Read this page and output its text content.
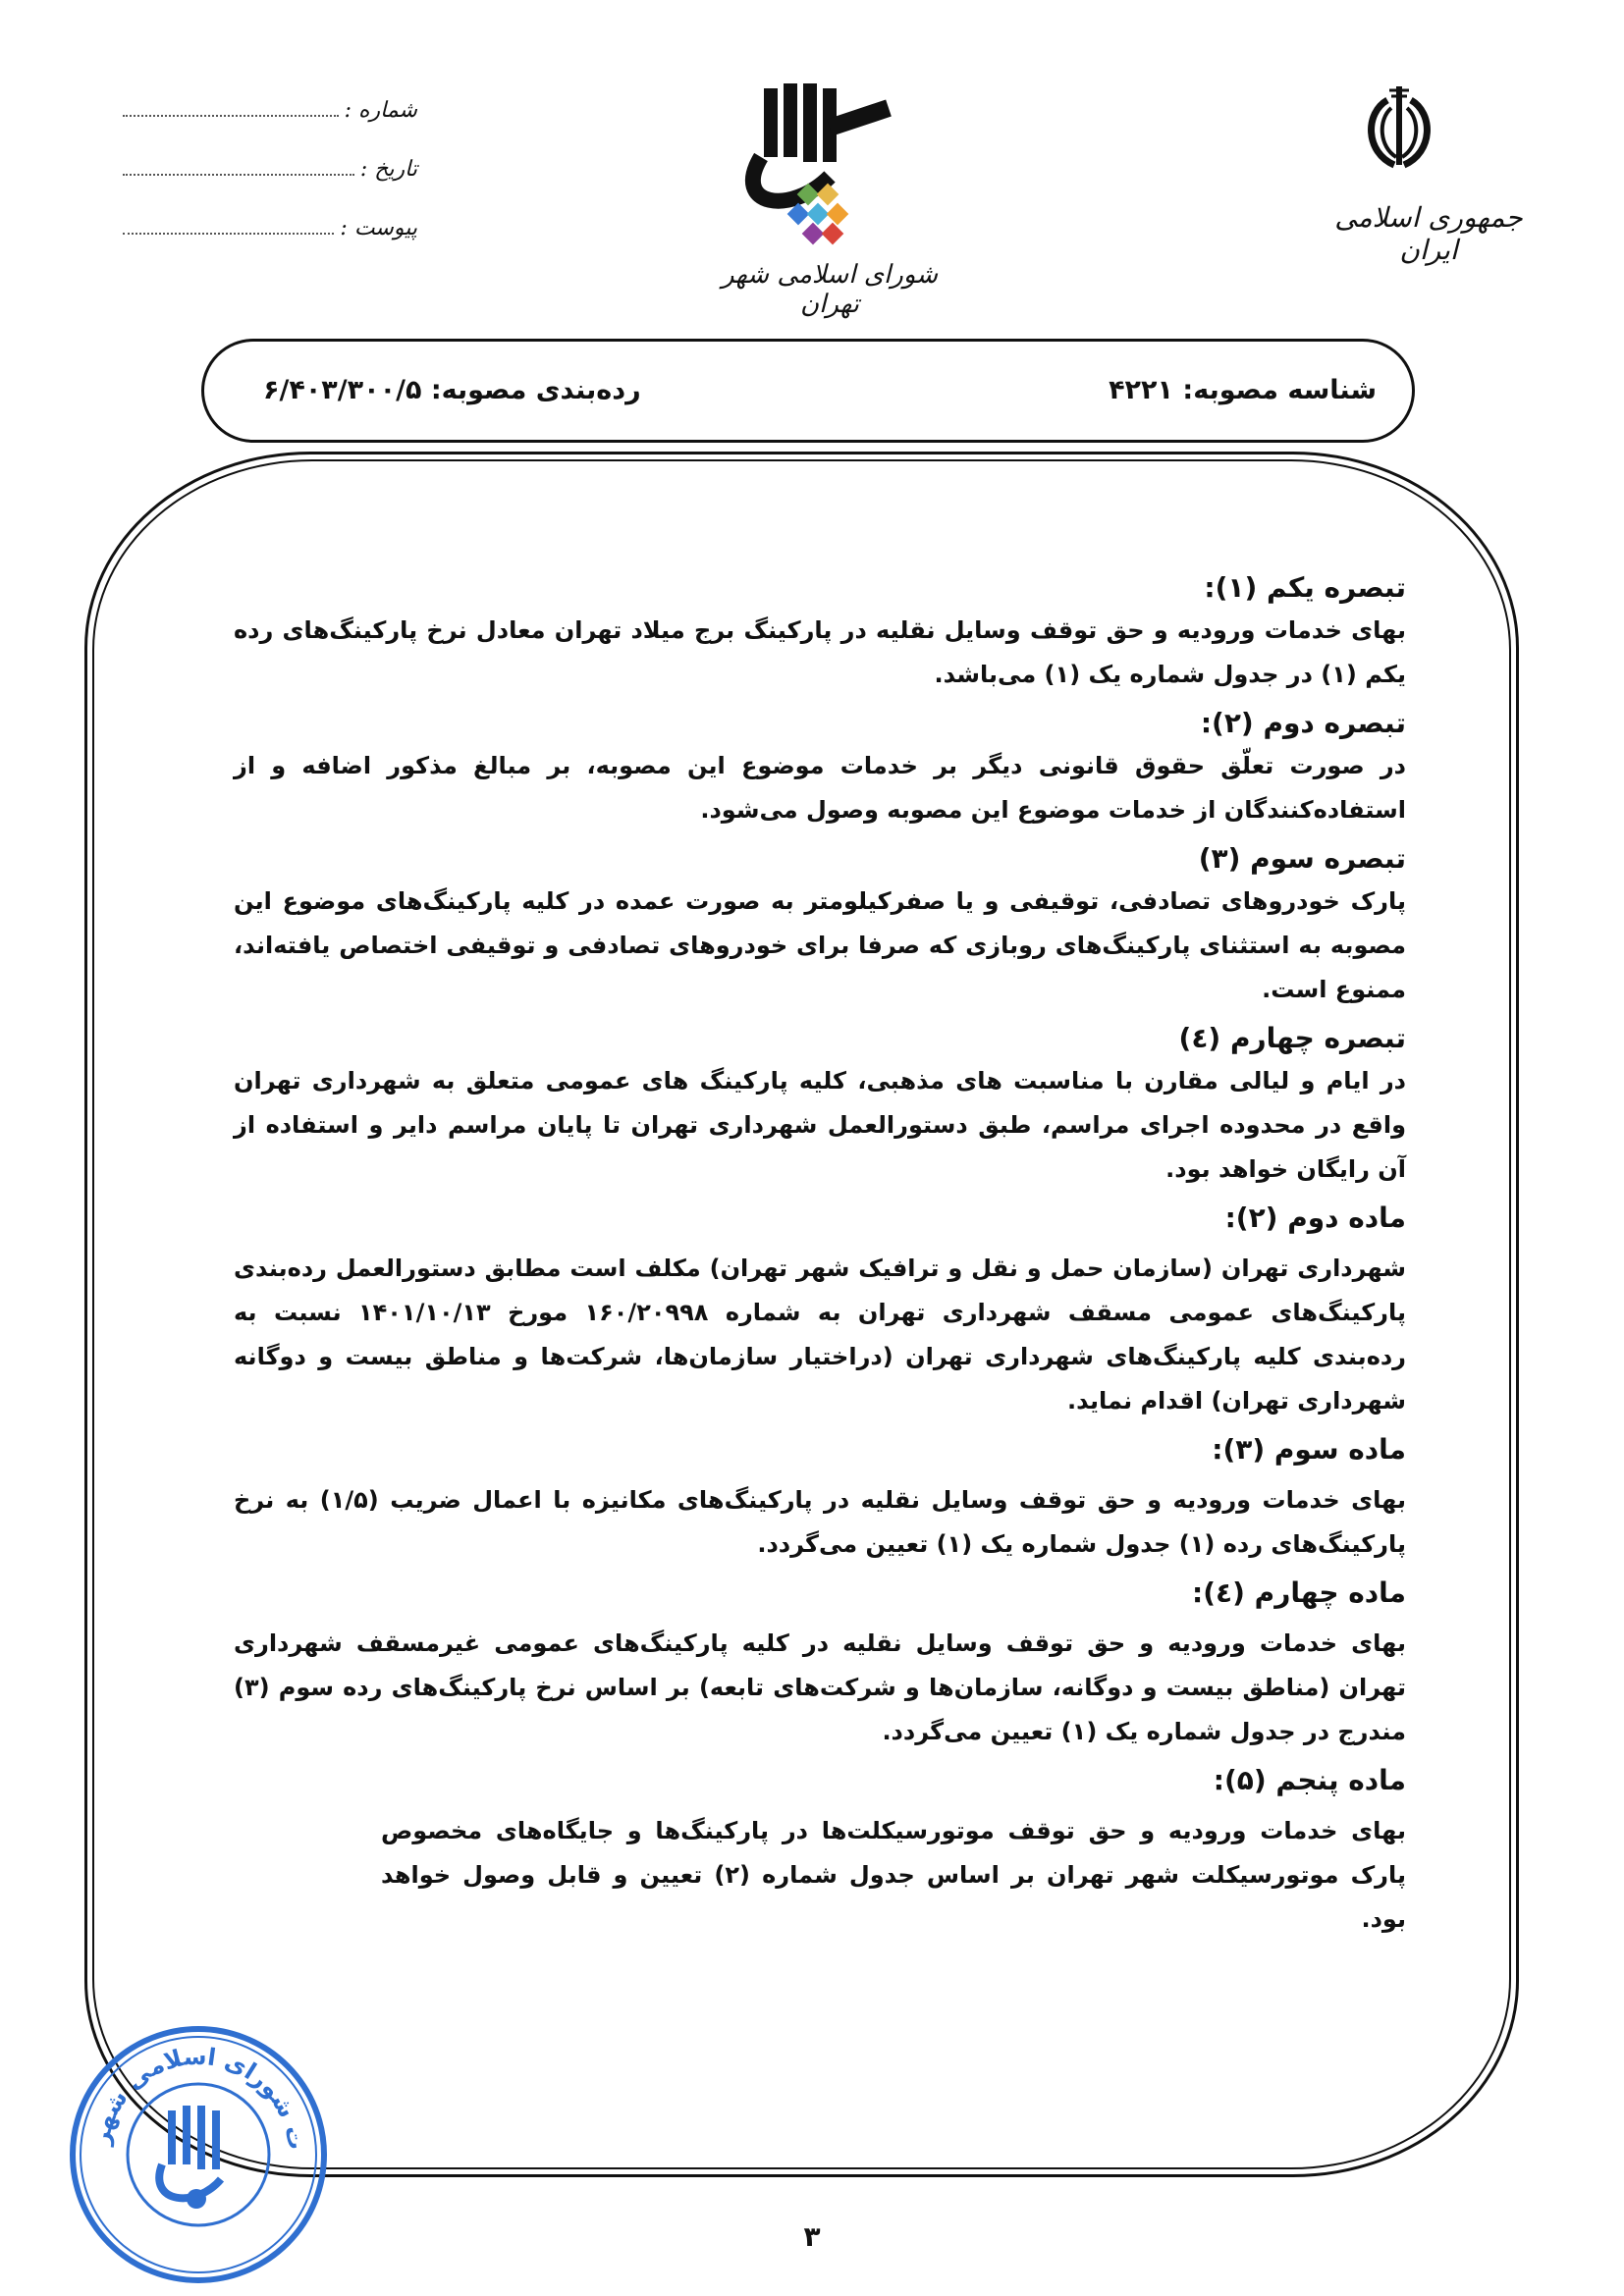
جمهوری اسلامی ایران
شورای اسلامی شهر تهران
شماره :
تاریخ :
پیوست :
شناسه مصوبه: ۴۲۲۱
رده‌بندی مصوبه: ۶/۴۰۳/۳۰۰/۵
تبصره یکم (۱):
بهای خدمات ورودیه و حق توقف وسایل نقلیه در پارکینگ برج میلاد تهران معادل نرخ پارکینگ‌های رده یکم (۱) در جدول شماره یک (۱) می‌باشد.
تبصره دوم (۲):
در صورت تعلّق حقوق قانونی دیگر بر خدمات موضوع این مصوبه، بر مبالغ مذکور اضافه و از استفاده‌کنندگان از خدمات موضوع این مصوبه وصول می‌شود.
تبصره سوم (۳)
پارک خودروهای تصادفی، توقیفی و یا صفرکیلومتر به صورت عمده در کلیه پارکینگ‌های موضوع این مصوبه به استثنای پارکینگ‌های روبازی که صرفا برای خودروهای تصادفی و توقیفی اختصاص یافته‌اند، ممنوع است.
تبصره چهارم (٤)
در ایام و لیالی مقارن با مناسبت های مذهبی، کلیه پارکینگ های عمومی متعلق به شهرداری تهران واقع در محدوده اجرای مراسم، طبق دستورالعمل شهرداری تهران تا پایان مراسم دایر و استفاده از آن رایگان خواهد بود.
ماده دوم (۲):
شهرداری تهران (سازمان حمل و نقل و ترافیک شهر تهران) مکلف است مطابق دستورالعمل رده‌بندی پارکینگ‌های عمومی مسقف شهرداری تهران به شماره ۱۶۰/۲۰۹۹۸ مورخ ۱۴۰۱/۱۰/۱۳ نسبت به رده‌بندی کلیه پارکینگ‌های شهرداری تهران (دراختیار سازمان‌ها، شرکت‌ها و مناطق بیست و دوگانه شهرداری تهران) اقدام نماید.
ماده سوم (۳):
بهای خدمات ورودیه و حق توقف وسایل نقلیه در پارکینگ‌های مکانیزه با اعمال ضریب (۱/۵) به نرخ پارکینگ‌های رده (۱) جدول شماره یک (۱) تعیین می‌گردد.
ماده چهارم (٤):
بهای خدمات ورودیه و حق توقف وسایل نقلیه در کلیه پارکینگ‌های عمومی غیرمسقف شهرداری تهران (مناطق بیست و دوگانه، سازمان‌ها و شرکت‌های تابعه) بر اساس نرخ پارکینگ‌های رده سوم (۳) مندرج در جدول شماره یک (۱) تعیین می‌گردد.
ماده پنجم (۵):
بهای خدمات ورودیه و حق توقف موتورسیکلت‌ها در پارکینگ‌ها و جایگاه‌های مخصوص پارک موتورسیکلت شهر تهران بر اساس جدول شماره (۲) تعیین و قابل وصول خواهد بود.
ت شورای اسلامی شهر
۳
